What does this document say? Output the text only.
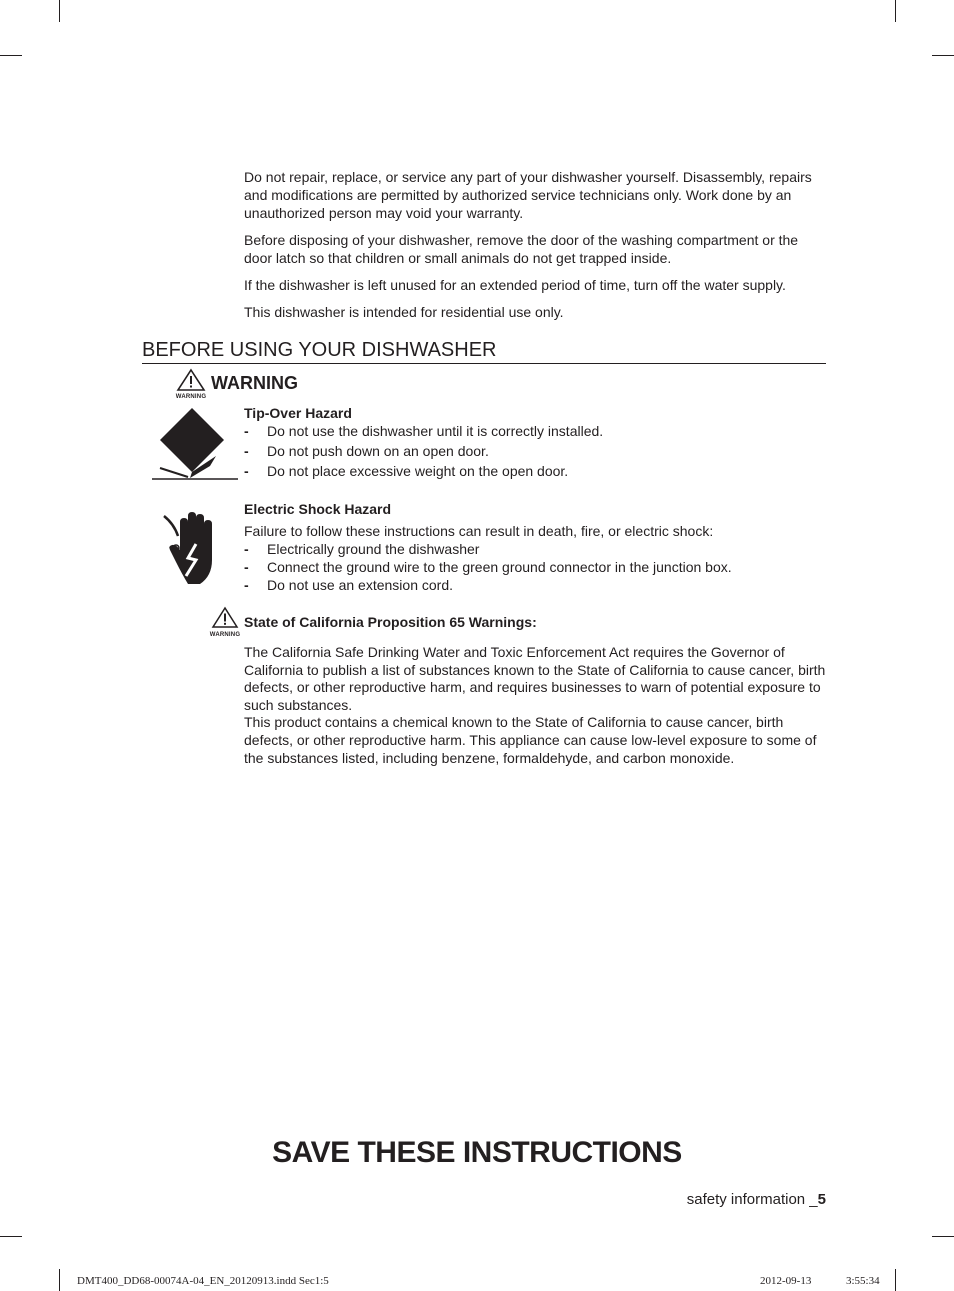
Do not repair, replace, or service any part of your dishwasher yourself. Disassembly, repairs and modifications are permitted by authorized service technicians only. Work done by an unauthorized person may void your warranty.

Before disposing of your dishwasher, remove the door of the washing compartment or the door latch so that children or small animals do not get trapped inside.

If the dishwasher is left unused for an extended period of time, turn off the water supply.

This dishwasher is intended for residential use only.

BEFORE USING YOUR DISHWASHER
WARNING
WARNING
Tip-Over Hazard
- Do not use the dishwasher until it is correctly installed.
- Do not push down on an open door.
- Do not place excessive weight on the open door.
Electric Shock Hazard

Failure to follow these instructions can result in death, fire, or electric shock:

- Electrically ground the dishwasher
- Connect the ground wire to the green ground connector in the junction box.
- Do not use an extension cord.
WARNING
State of California Proposition 65 Warnings:

The California Safe Drinking Water and Toxic Enforcement Act requires the Governor of California to publish a list of substances known to the State of California to cause cancer, birth defects, or other reproductive harm, and requires businesses to warn of potential exposure to such substances.

This product contains a chemical known to the State of California to cause cancer, birth defects, or other reproductive harm. This appliance can cause low-level exposure to some of the substances listed, including benzene, formaldehyde, and carbon monoxide.

SAVE THESE INSTRUCTIONS
safety information _5
DMT400_DD68-00074A-04_EN_20120913.indd Sec1:5	2012-09-13	3:55:34
